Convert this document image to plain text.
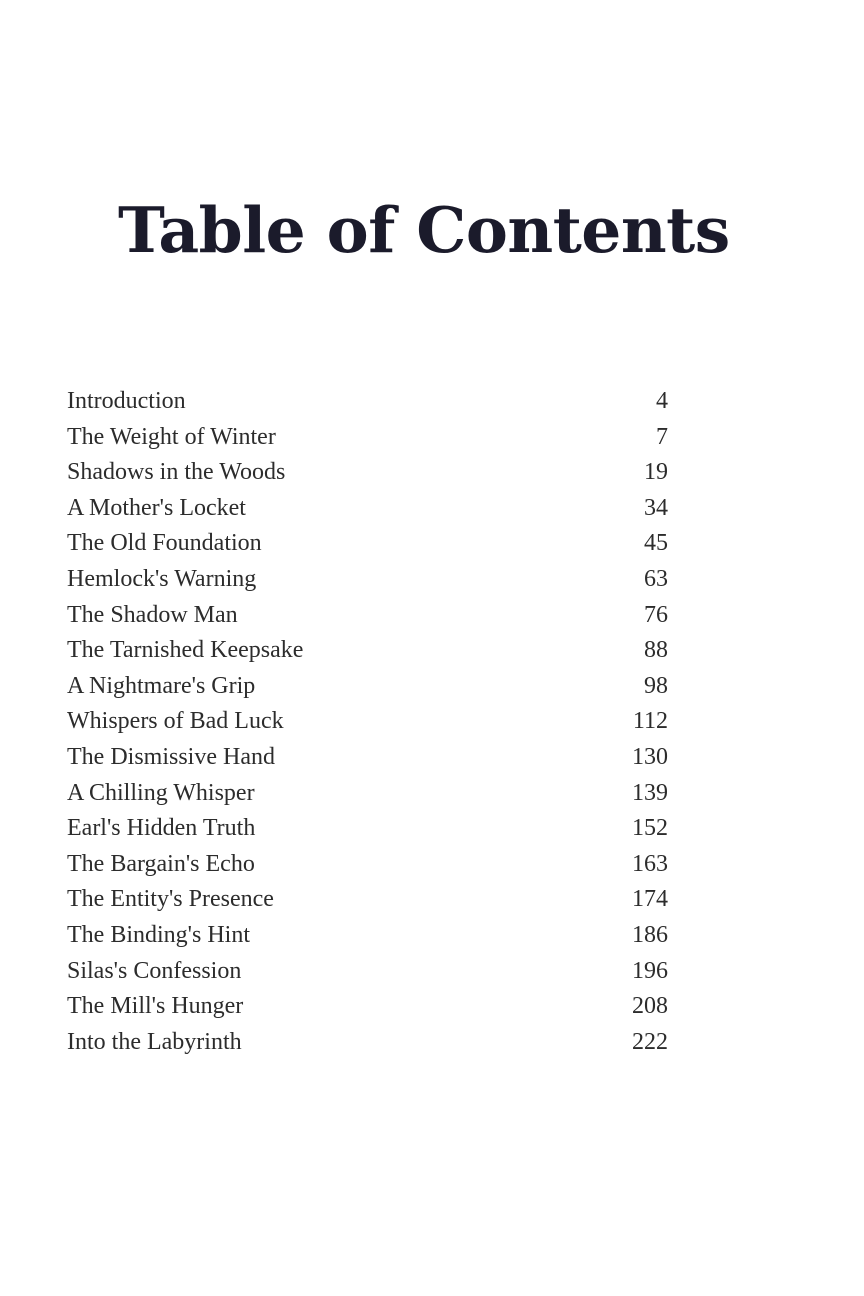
Table of Contents
Introduction	4
The Weight of Winter	7
Shadows in the Woods	19
A Mother's Locket	34
The Old Foundation	45
Hemlock's Warning	63
The Shadow Man	76
The Tarnished Keepsake	88
A Nightmare's Grip	98
Whispers of Bad Luck	112
The Dismissive Hand	130
A Chilling Whisper	139
Earl's Hidden Truth	152
The Bargain's Echo	163
The Entity's Presence	174
The Binding's Hint	186
Silas's Confession	196
The Mill's Hunger	208
Into the Labyrinth	222
